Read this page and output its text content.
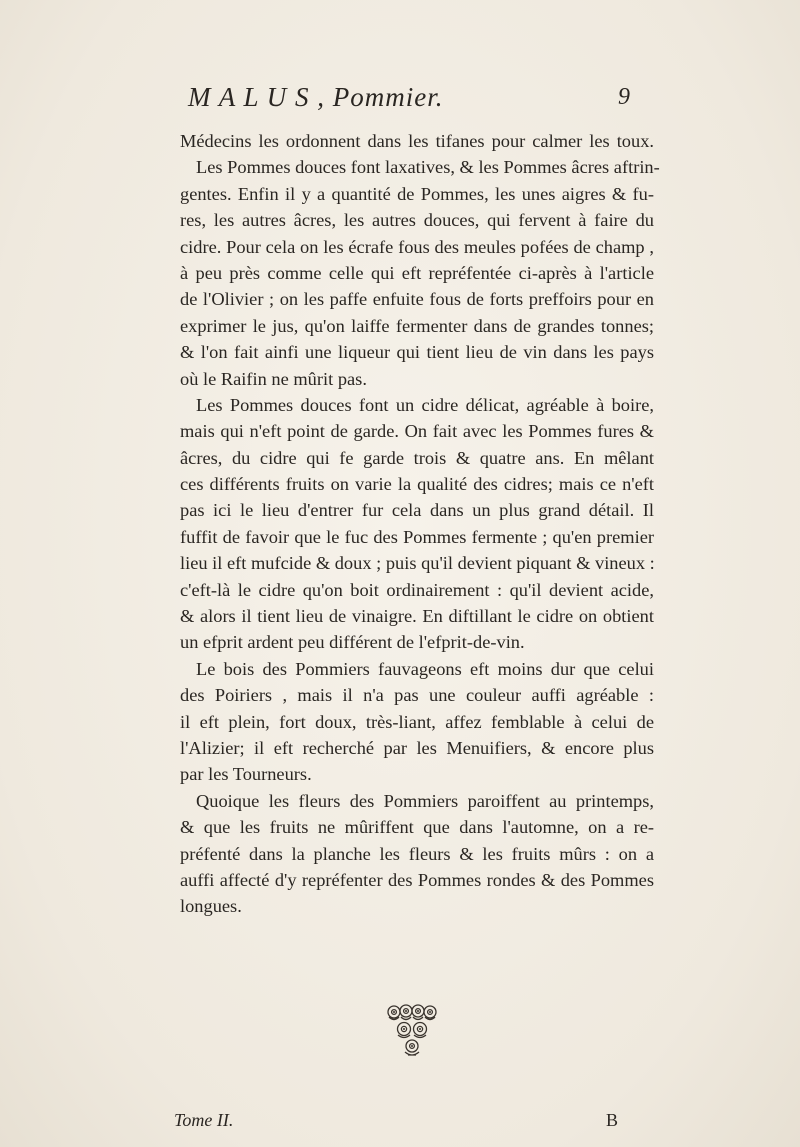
M A L U S , Pommier.	9
Médecins les ordonnent dans les tifanes pour calmer les toux.
Les Pommes douces font laxatives, & les Pommes âcres aftrin-
gentes. Enfin il y a quantité de Pommes, les unes aigres & fu-
res, les autres âcres, les autres douces, qui fervent à faire du
cidre. Pour cela on les écrafe fous des meules pofées de champ ,
à peu près comme celle qui eft repréfentée ci-après à l'article
de l'Olivier ; on les paffe enfuite fous de forts preffoirs pour en
exprimer le jus, qu'on laiffe fermenter dans de grandes tonnes;
& l'on fait ainfi une liqueur qui tient lieu de vin dans les pays
où le Raifin ne mûrit pas.
Les Pommes douces font un cidre délicat, agréable à boire,
mais qui n'eft point de garde. On fait avec les Pommes fures &
âcres, du cidre qui fe garde trois & quatre ans. En mêlant
ces différents fruits on varie la qualité des cidres; mais ce n'eft
pas ici le lieu d'entrer fur cela dans un plus grand détail. Il
fuffit de favoir que le fuc des Pommes fermente ; qu'en premier
lieu il eft mufcide & doux ; puis qu'il devient piquant & vineux :
c'eft-là le cidre qu'on boit ordinairement : qu'il devient acide,
& alors il tient lieu de vinaigre. En diftillant le cidre on obtient
un efprit ardent peu différent de l'efprit-de-vin.
Le bois des Pommiers fauvageons eft moins dur que celui
des Poiriers , mais il n'a pas une couleur auffi agréable :
il eft plein, fort doux, très-liant, affez femblable à celui de
l'Alizier; il eft recherché par les Menuifiers, & encore plus
par les Tourneurs.
Quoique les fleurs des Pommiers paroiffent au printemps,
& que les fruits ne mûriffent que dans l'automne, on a re-
préfenté dans la planche les fleurs & les fruits mûrs : on a
auffi affecté d'y repréfenter des Pommes rondes & des Pommes
longues.
Tome II.	B
